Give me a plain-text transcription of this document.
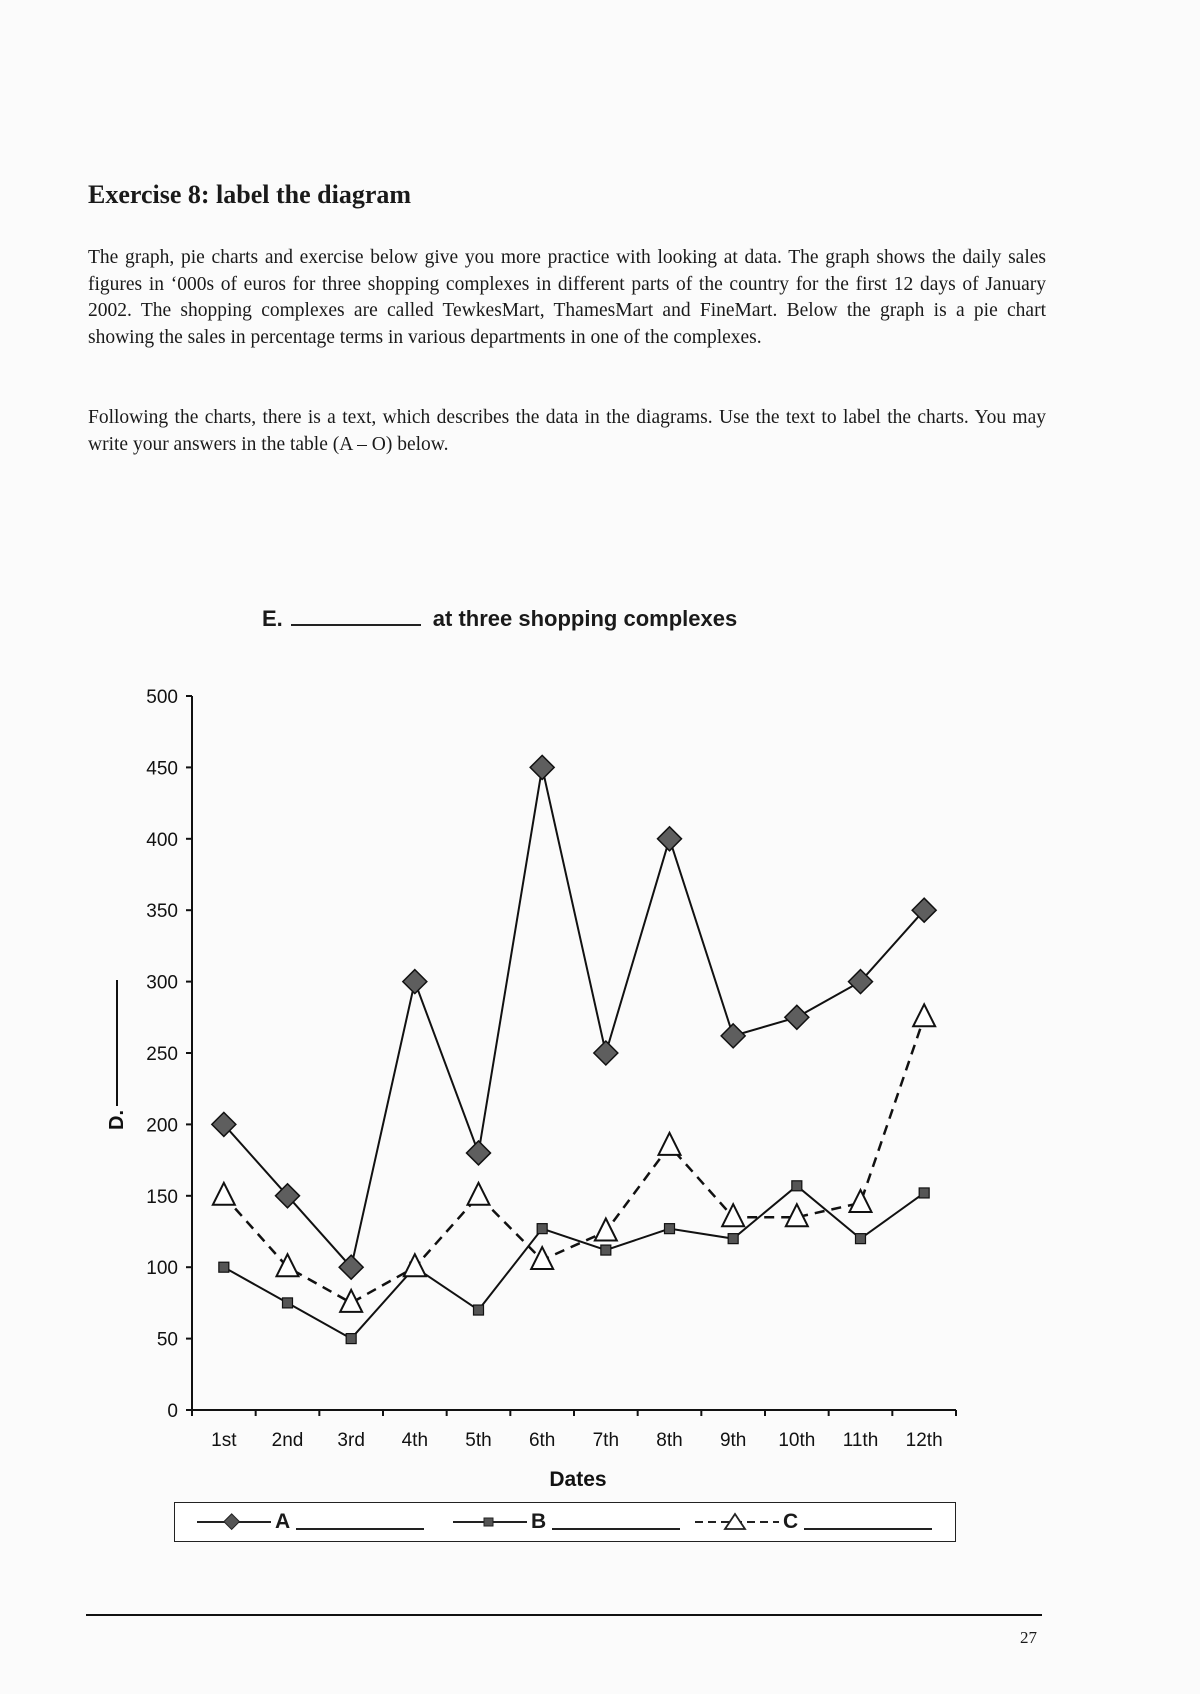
Exercise 8: label the diagram

The graph, pie charts and exercise below give you more practice with looking at data. The graph shows the daily sales figures in ‘000s of euros for three shopping complexes in different parts of the country for the first 12 days of January 2002. The shopping complexes are called TewkesMart, ThamesMart and FineMart. Below the graph is a pie chart showing the sales in percentage terms in various departments in one of the complexes.

Following the charts, there is a text, which describes the data in the diagrams. Use the text to label the charts. You may write your answers in the table (A – O) below.

E.	at three shopping complexes
0
50
100
150
200
250
300
350
400
450
500
1st 2nd 3rd 4th 5th 6th 7th 8th 9th 10th 11th 12th
Dates
D.
A	B	C
27
